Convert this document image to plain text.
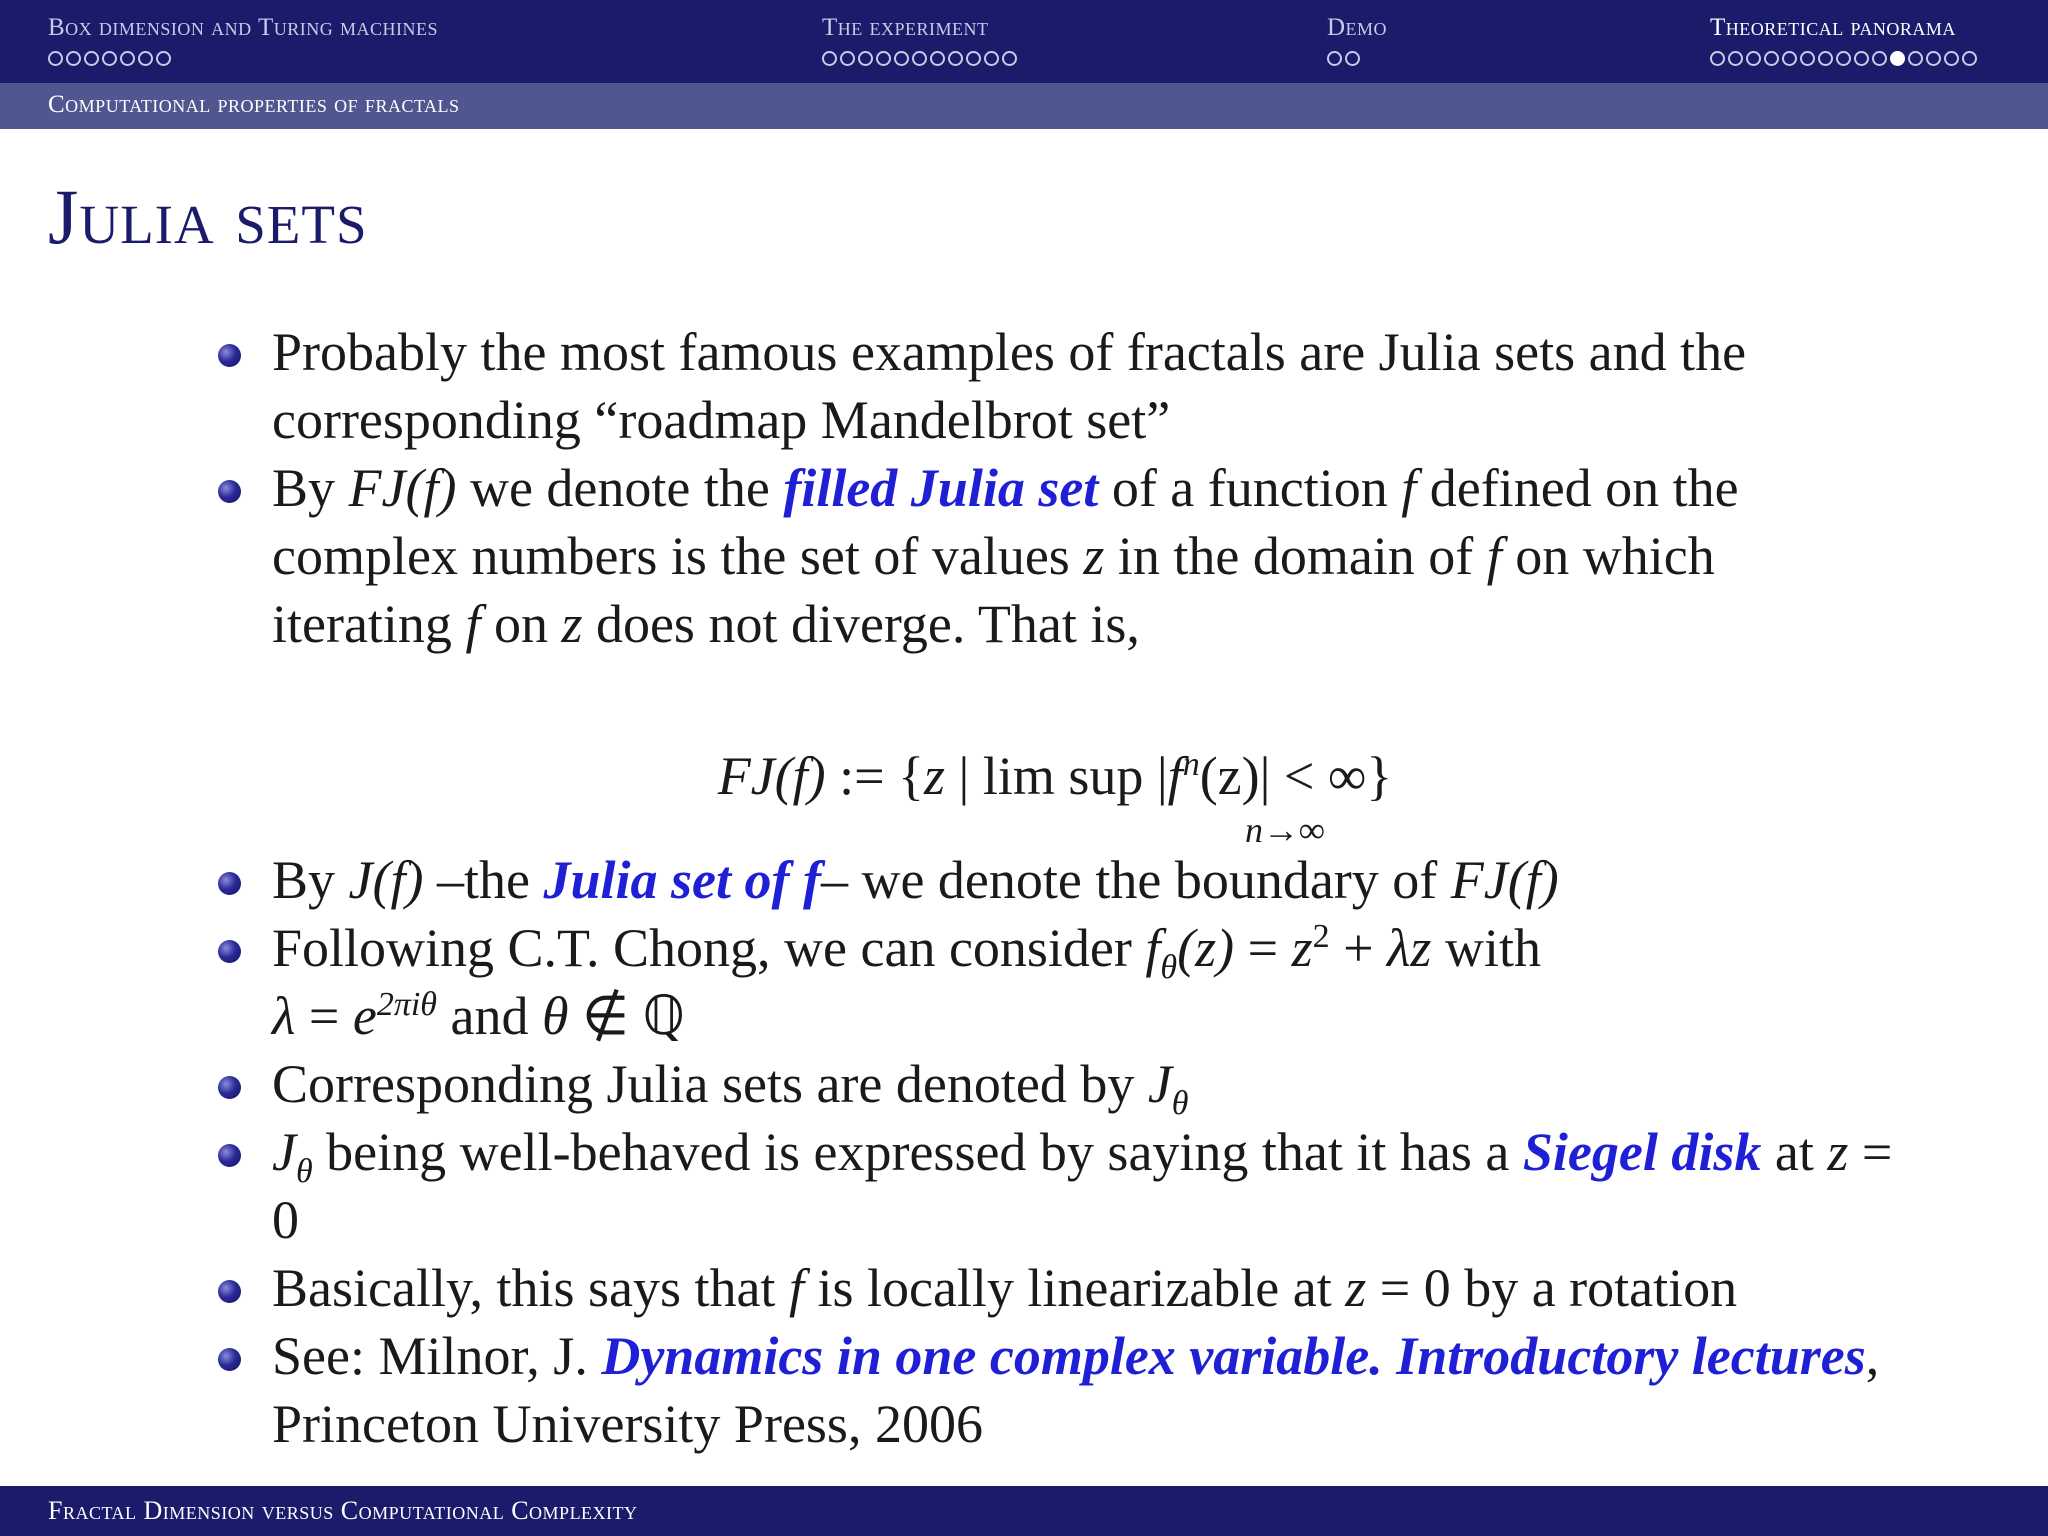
Box dimension and Turing machines	The experiment	Demo	Theoretical panorama
Computational properties of fractals
Julia sets
Probably the most famous examples of fractals are Julia sets and the corresponding “roadmap Mandelbrot set”
By FJ(f) we denote the filled Julia set of a function f defined on the complex numbers is the set of values z in the domain of f on which iterating f on z does not diverge. That is,
FJ(f) := {z | lim sup $|f^n(z)|$ < ∞}
n→∞
By J(f) –the Julia set of f– we denote the boundary of FJ(f)
Following C.T. Chong, we can consider $f_\theta(z) = z^2 + \lambda z$ with
$\lambda = e^{2\pi i\theta}$ and θ ∉ ℚ
Corresponding Julia sets are denoted by $J_\theta$
$J_\theta$ being well-behaved is expressed by saying that it has a Siegel disk at z = 0
Basically, this says that f is locally linearizable at z = 0 by a rotation
See: Milnor, J. Dynamics in one complex variable. Introductory lectures, Princeton University Press, 2006
Fractal Dimension versus Computational Complexity
